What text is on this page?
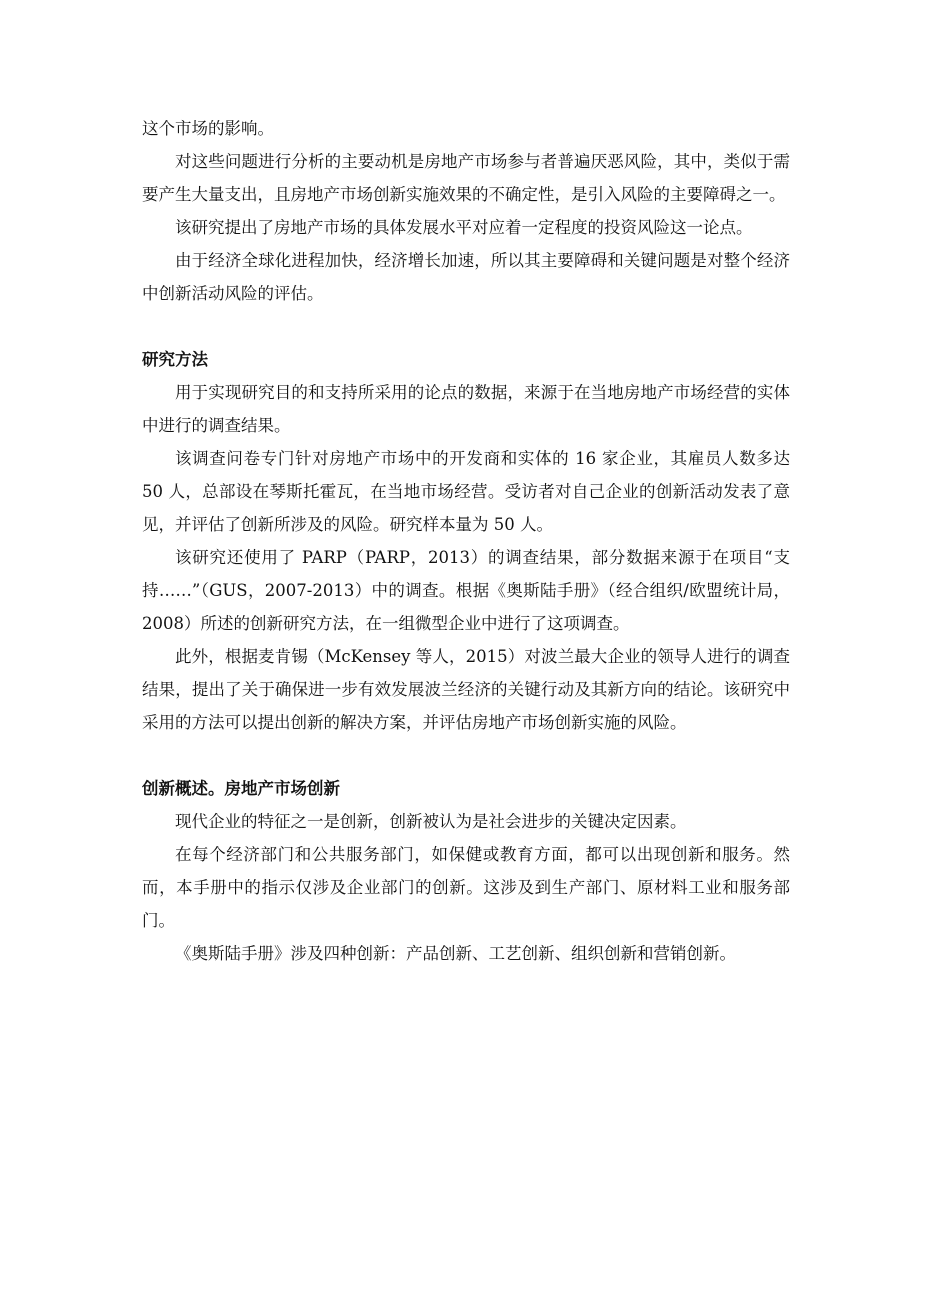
这个市场的影响。

对这些问题进行分析的主要动机是房地产市场参与者普遍厌恶风险，其中，类似于需要产生大量支出，且房地产市场创新实施效果的不确定性，是引入风险的主要障碍之一。

该研究提出了房地产市场的具体发展水平对应着一定程度的投资风险这一论点。

由于经济全球化进程加快，经济增长加速，所以其主要障碍和关键问题是对整个经济中创新活动风险的评估。

研究方法

用于实现研究目的和支持所采用的论点的数据，来源于在当地房地产市场经营的实体中进行的调查结果。

该调查问卷专门针对房地产市场中的开发商和实体的 16 家企业，其雇员人数多达 50 人，总部设在琴斯托霍瓦，在当地市场经营。受访者对自己企业的创新活动发表了意见，并评估了创新所涉及的风险。研究样本量为 50 人。

该研究还使用了 PARP（PARP，2013）的调查结果，部分数据来源于在项目“支持……”（GUS，2007-2013）中的调查。根据《奥斯陆手册》（经合组织/欧盟统计局，2008）所述的创新研究方法，在一组微型企业中进行了这项调查。

此外，根据麦肯锡（McKensey 等人，2015）对波兰最大企业的领导人进行的调查结果，提出了关于确保进一步有效发展波兰经济的关键行动及其新方向的结论。该研究中采用的方法可以提出创新的解决方案，并评估房地产市场创新实施的风险。

创新概述。房地产市场创新

现代企业的特征之一是创新，创新被认为是社会进步的关键决定因素。

在每个经济部门和公共服务部门，如保健或教育方面，都可以出现创新和服务。然而，本手册中的指示仅涉及企业部门的创新。这涉及到生产部门、原材料工业和服务部门。

《奥斯陆手册》涉及四种创新：产品创新、工艺创新、组织创新和营销创新。
